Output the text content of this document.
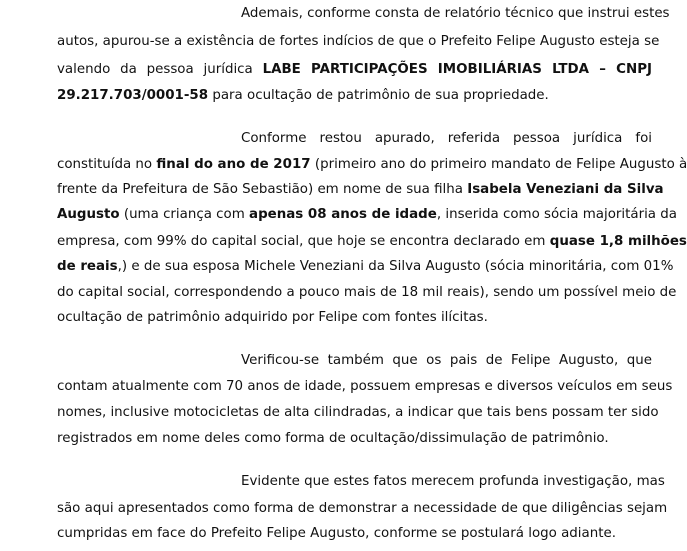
Ademais, conforme consta de relatório técnico que instrui estes
autos, apurou-se a existência de fortes indícios de que o Prefeito Felipe Augusto esteja se
valendo da pessoa jurídica LABE PARTICIPAÇÕES IMOBILIÁRIAS LTDA – CNPJ
29.217.703/0001-58 para ocultação de patrimônio de sua propriedade.
Conforme restou apurado, referida pessoa jurídica foi
constituída no final do ano de 2017 (primeiro ano do primeiro mandato de Felipe Augusto à
frente da Prefeitura de São Sebastião) em nome de sua filha Isabela Veneziani da Silva
Augusto (uma criança com apenas 08 anos de idade, inserida como sócia majoritária da
empresa, com 99% do capital social, que hoje se encontra declarado em quase 1,8 milhões
de reais,) e de sua esposa Michele Veneziani da Silva Augusto (sócia minoritária, com 01%
do capital social, correspondendo a pouco mais de 18 mil reais), sendo um possível meio de
ocultação de patrimônio adquirido por Felipe com fontes ilícitas.
Verificou-se também que os pais de Felipe Augusto, que
contam atualmente com 70 anos de idade, possuem empresas e diversos veículos em seus
nomes, inclusive motocicletas de alta cilindradas, a indicar que tais bens possam ter sido
registrados em nome deles como forma de ocultação/dissimulação de patrimônio.
Evidente que estes fatos merecem profunda investigação, mas
são aqui apresentados como forma de demonstrar a necessidade de que diligências sejam
cumpridas em face do Prefeito Felipe Augusto, conforme se postulará logo adiante.
